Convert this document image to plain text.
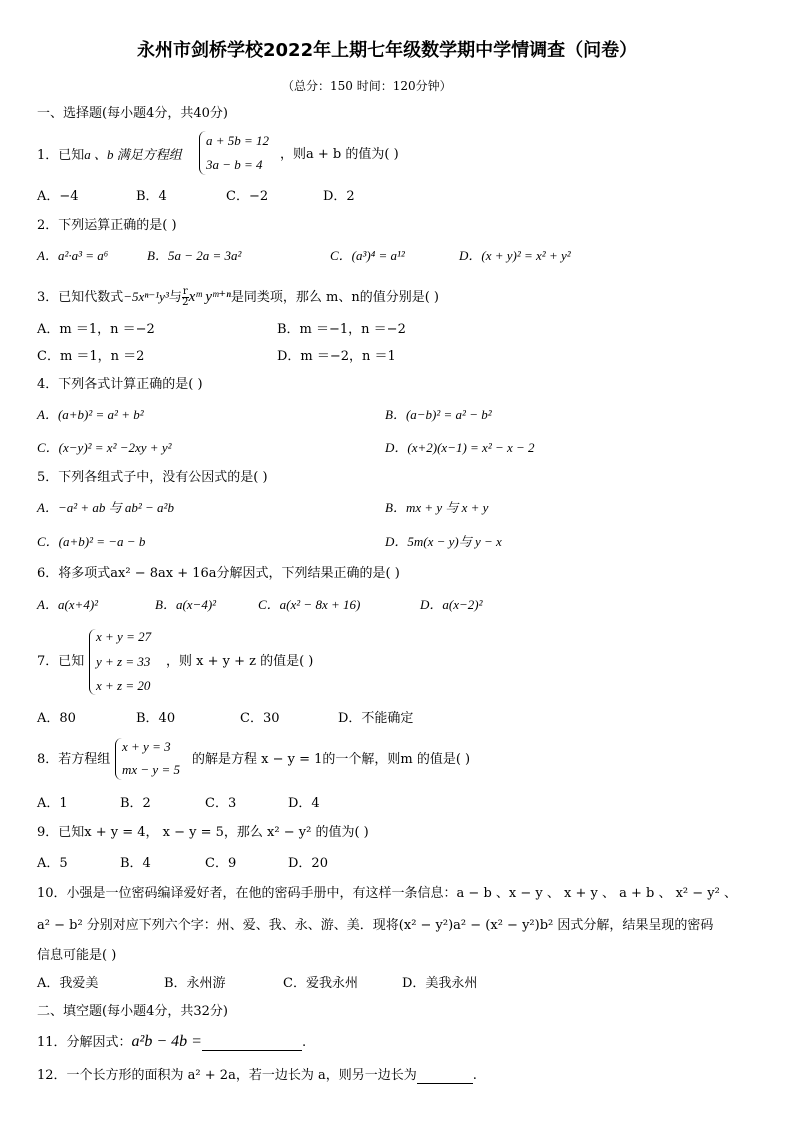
永州市剑桥学校2022年上期七年级数学期中学情调查（问卷）
（总分：150 时间：120分钟）
一、选择题(每小题4分，共40分)
1．已知a 、b 满足方程组
a + 5b = 12
3a − b = 4
，则a + b 的值为( )
A．−4	B．4	C．−2	D．2
2．下列运算正确的是( )
A．a²·a³ = a⁶	B．5a − 2a = 3a²	C．(a³)⁴ = a¹²	D．(x + y)² = x² + y²
3．已知代数式−5xⁿ⁻¹y³与 $\frac{r}{2}$ xᵐ yᵐ⁺ⁿ是同类项，那么 m、n的值分别是( )
A．m ＝1，n ＝−2	B．m ＝−1，n ＝−2
C．m ＝1，n ＝2	D．m ＝−2，n ＝1
4．下列各式计算正确的是( )
A．(a+b)² = a² + b²	B．(a−b)² = a² − b²
C．(x−y)² = x² −2xy + y²	D．(x+2)(x−1) = x² − x − 2
5．下列各组式子中，没有公因式的是( )
A．−a² + ab 与 ab² − a²b	B．mx + y 与 x + y
C．(a+b)² = −a − b	D．5m(x − y)与 y − x
6．将多项式ax² − 8ax + 16a分解因式，下列结果正确的是( )
A．a(x+4)²	B．a(x−4)²	C．a(x² − 8x + 16)	D．a(x−2)²
7．已知
x + y = 27
y + z = 33
x + z = 20
，则 x + y + z 的值是( )
A．80	B．40	C．30	D．不能确定
8．若方程组
x + y = 3
mx − y = 5
的解是方程 x − y = 1的一个解，则m 的值是( )
A．1	B．2	C．3	D．4
9．已知x + y = 4， x − y = 5，那么 x² − y² 的值为( )
A．5	B．4	C．9	D．20
10．小强是一位密码编译爱好者，在他的密码手册中，有这样一条信息：a − b 、x − y 、 x + y 、 a + b 、 x² − y² 、
a² − b² 分别对应下列六个字：州、爱、我、永、游、美．现将(x² − y²)a² − (x² − y²)b² 因式分解，结果呈现的密码
信息可能是( )
A．我爱美	B．永州游	C．爱我永州	D．美我永州
二、填空题(每小题4分，共32分)
11．分解因式：a²b − 4b =	.
12．一个长方形的面积为 a² + 2a，若一边长为 a，则另一边长为	.
